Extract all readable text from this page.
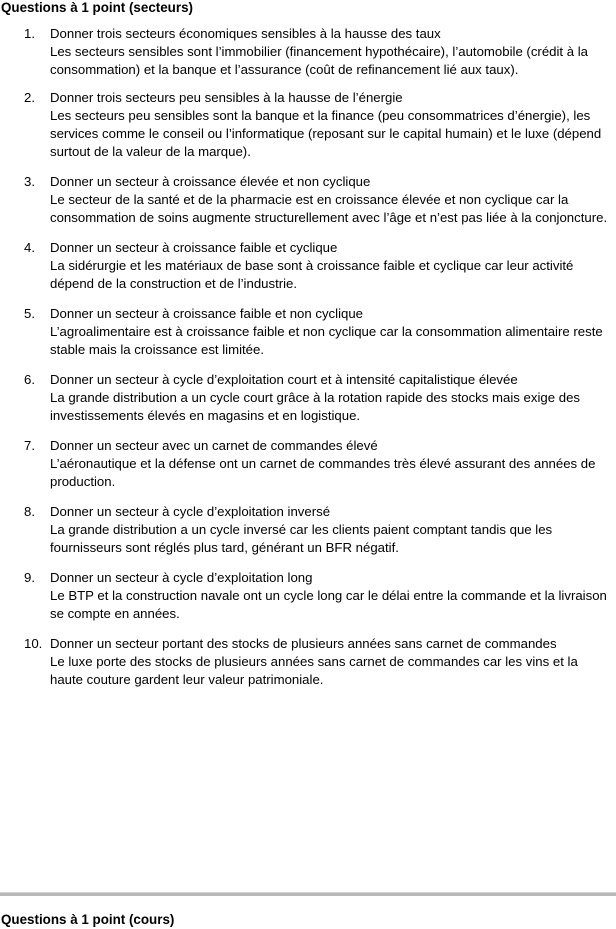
Questions à 1 point (secteurs)
1. Donner trois secteurs économiques sensibles à la hausse des taux
Les secteurs sensibles sont l’immobilier (financement hypothécaire), l’automobile (crédit à la consommation) et la banque et l’assurance (coût de refinancement lié aux taux).
2. Donner trois secteurs peu sensibles à la hausse de l’énergie
Les secteurs peu sensibles sont la banque et la finance (peu consommatrices d’énergie), les services comme le conseil ou l’informatique (reposant sur le capital humain) et le luxe (dépend surtout de la valeur de la marque).
3. Donner un secteur à croissance élevée et non cyclique
Le secteur de la santé et de la pharmacie est en croissance élevée et non cyclique car la consommation de soins augmente structurellement avec l’âge et n’est pas liée à la conjoncture.
4. Donner un secteur à croissance faible et cyclique
La sidérurgie et les matériaux de base sont à croissance faible et cyclique car leur activité dépend de la construction et de l’industrie.
5. Donner un secteur à croissance faible et non cyclique
L’agroalimentaire est à croissance faible et non cyclique car la consommation alimentaire reste stable mais la croissance est limitée.
6. Donner un secteur à cycle d’exploitation court et à intensité capitalistique élevée
La grande distribution a un cycle court grâce à la rotation rapide des stocks mais exige des investissements élevés en magasins et en logistique.
7. Donner un secteur avec un carnet de commandes élevé
L’aéronautique et la défense ont un carnet de commandes très élevé assurant des années de production.
8. Donner un secteur à cycle d’exploitation inversé
La grande distribution a un cycle inversé car les clients paient comptant tandis que les fournisseurs sont réglés plus tard, générant un BFR négatif.
9. Donner un secteur à cycle d’exploitation long
Le BTP et la construction navale ont un cycle long car le délai entre la commande et la livraison se compte en années.
10. Donner un secteur portant des stocks de plusieurs années sans carnet de commandes
Le luxe porte des stocks de plusieurs années sans carnet de commandes car les vins et la haute couture gardent leur valeur patrimoniale.
Questions à 1 point (cours)
